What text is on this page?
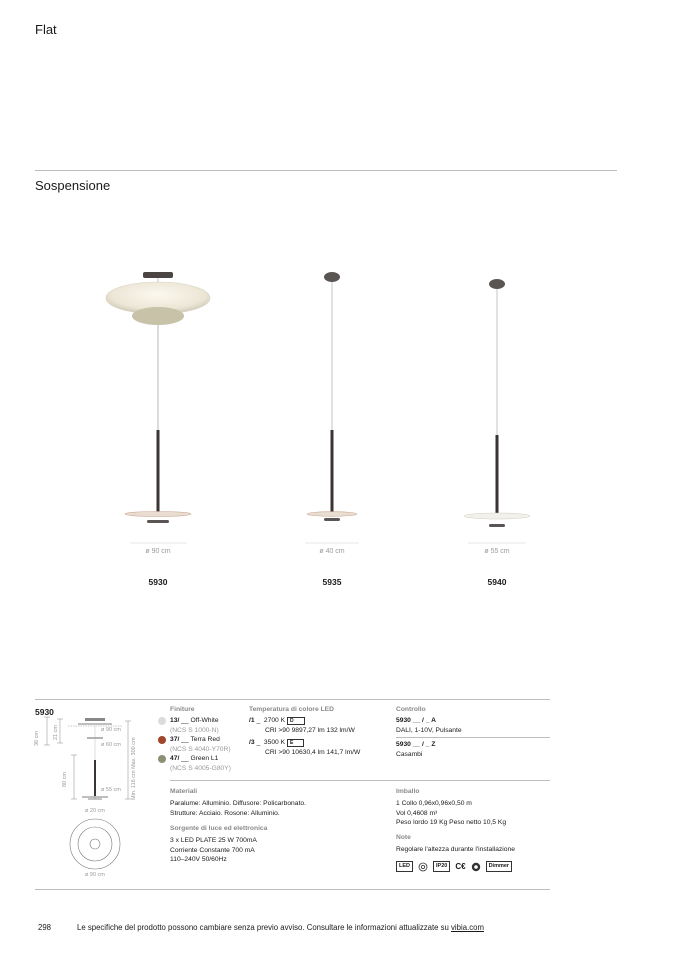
Flat
Sospensione
ø 90 cm	ø 40 cm	ø 55 cm
5930	5935	5940
5930
36 cm 21 cm
80 cm	Min. 116 cm Max. 300 cm
ø 90 cm
ø 60 cm
ø 55 cm
ø 20 cm
ø 90 cm
Finiture
13/
__
Off-White
(NCS S 1000-N)
37/
__
Terra Red
(NCS S 4040-Y70R)
47/
__
Green L1
(NCS S 4005-G80Y)
Temperatura di colore LED
/1 _ 2700 K D
CRI >90 9897,27 lm 132 lm/W
/3 _ 3500 K E
CRI >90 10630,4 lm 141,7 lm/W
Controllo
5930 __ / _ A
DALI, 1-10V, Pulsante
5930 __ / _ Z
Casambi
Materiali
Paralume: Alluminio. Diffusore: Policarbonato.
Strutture: Acciaio. Rosone: Alluminio.
Sorgente di luce ed elettronica
3 x LED PLATE 25 W 700mA
Corriente Constante 700 mA
110–240V 50/60Hz
Imballo
1 Collo 0,96x0,96x0,50 m
Vol 0,4608 m³
Peso lordo 19 Kg Peso netto 10,5 Kg
Note
Regolare l'altezza durante l'installazione
LED	IP20	C€	Dimmer
298	Le specifiche del prodotto possono cambiare senza previo avviso. Consultare le informazioni attualizzate su vibia.com
